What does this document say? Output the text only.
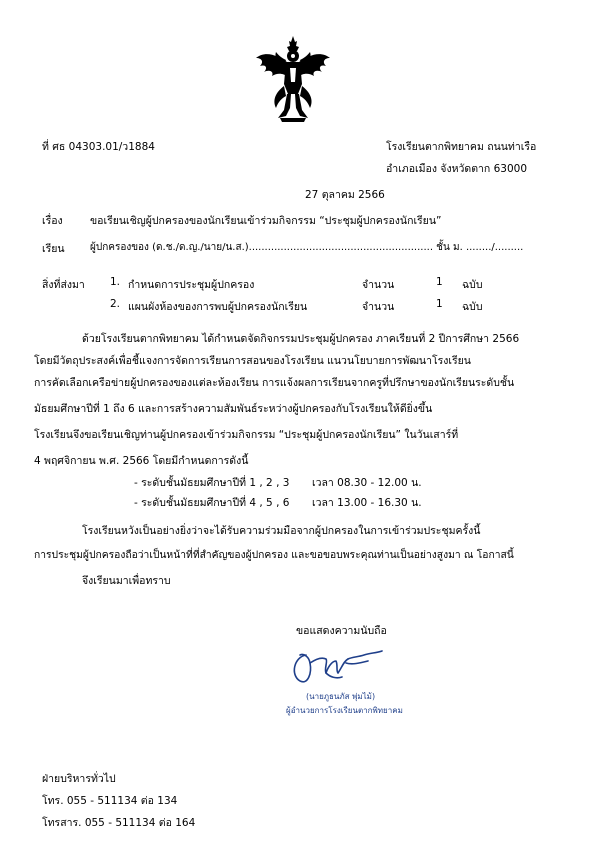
ที่ ศธ 04303.01/ว1884	โรงเรียนตากพิทยาคม ถนนท่าเรือ
อำเภอเมือง จังหวัดตาก 63000
27 ตุลาคม 2566
เรื่อง	ขอเรียนเชิญผู้ปกครองของนักเรียนเข้าร่วมกิจกรรม “ประชุมผู้ปกครองนักเรียน”
เรียน	ผู้ปกครองของ (ด.ช./ด.ญ./นาย/น.ส.).......................................................... ชั้น ม. ......../.........
สิ่งที่ส่งมา 1. กำหนดการประชุมผู้ปกครอง	จำนวน	1 ฉบับ
2. แผนผังห้องของการพบผู้ปกครองนักเรียน	จำนวน	1 ฉบับ
ด้วยโรงเรียนตากพิทยาคม ได้กำหนดจัดกิจกรรมประชุมผู้ปกครอง ภาคเรียนที่ 2 ปีการศึกษา 2566
โดยมีวัตถุประสงค์เพื่อชี้แจงการจัดการเรียนการสอนของโรงเรียน แนวนโยบายการพัฒนาโรงเรียน
การคัดเลือกเครือข่ายผู้ปกครองของแต่ละห้องเรียน การแจ้งผลการเรียนจากครูที่ปรึกษาของนักเรียนระดับชั้น
มัธยมศึกษาปีที่ 1 ถึง 6 และการสร้างความสัมพันธ์ระหว่างผู้ปกครองกับโรงเรียนให้ดียิ่งขึ้น
โรงเรียนจึงขอเรียนเชิญท่านผู้ปกครองเข้าร่วมกิจกรรม “ประชุมผู้ปกครองนักเรียน” ในวันเสาร์ที่
4 พฤศจิกายน พ.ศ. 2566 โดยมีกำหนดการดังนี้
- ระดับชั้นมัธยมศึกษาปีที่ 1 , 2 , 3 เวลา 08.30 - 12.00 น.
- ระดับชั้นมัธยมศึกษาปีที่ 4 , 5 , 6 เวลา 13.00 - 16.30 น.
โรงเรียนหวังเป็นอย่างยิ่งว่าจะได้รับความร่วมมือจากผู้ปกครองในการเข้าร่วมประชุมครั้งนี้
การประชุมผู้ปกครองถือว่าเป็นหน้าที่ที่สำคัญของผู้ปกครอง และขอขอบพระคุณท่านเป็นอย่างสูงมา ณ โอกาสนี้
จึงเรียนมาเพื่อทราบ
ขอแสดงความนับถือ
(นายภูธนภัส พุ่มไม้)
ผู้อำนวยการโรงเรียนตากพิทยาคม
ฝ่ายบริหารทั่วไป
โทร. 055 - 511134 ต่อ 134
โทรสาร. 055 - 511134 ต่อ 164
